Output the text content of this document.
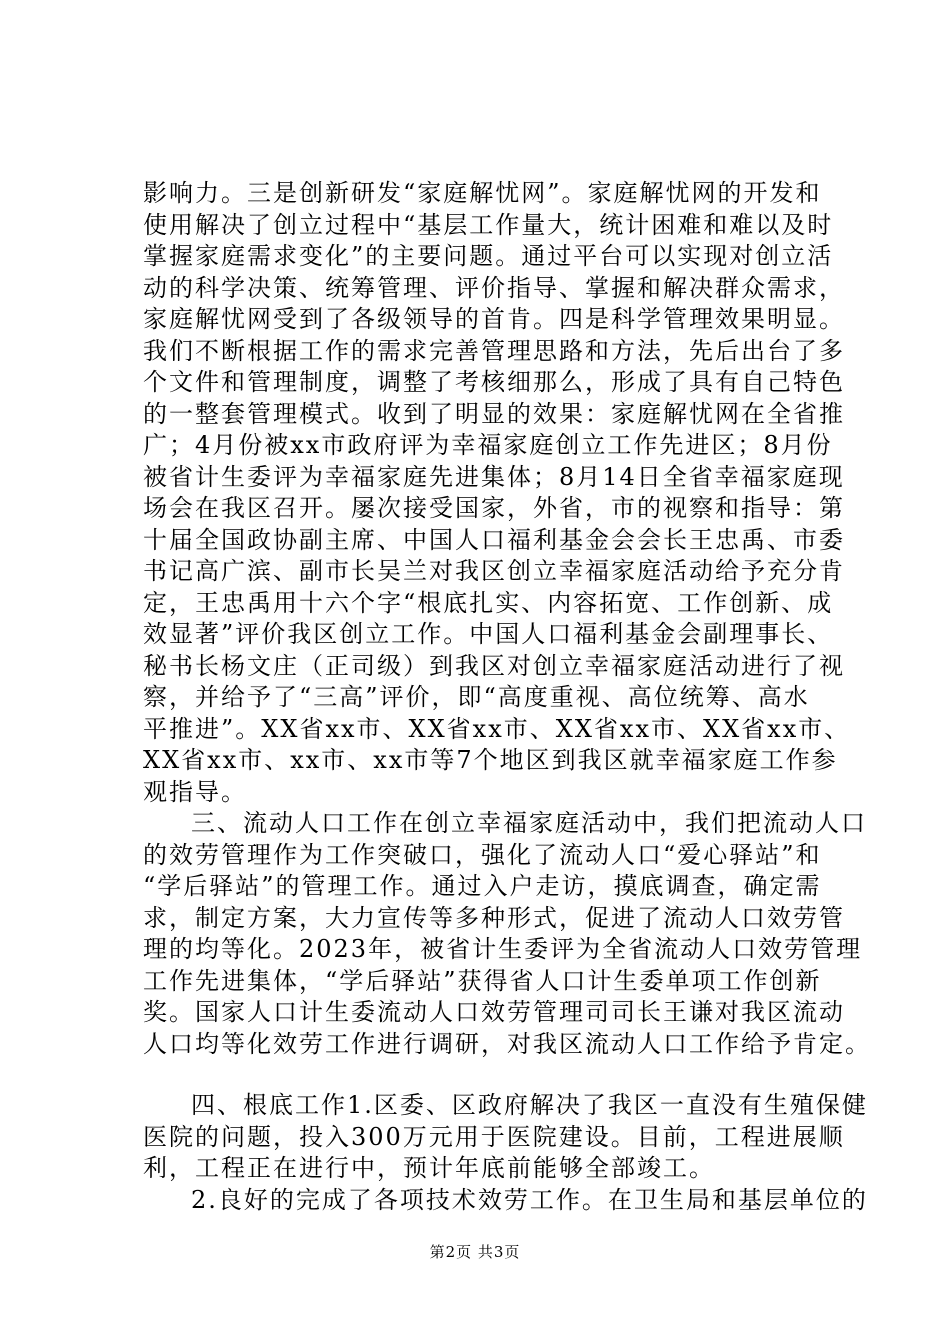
影响力。三是创新研发“家庭解忧网”。家庭解忧网的开发和
使用解决了创立过程中“基层工作量大，统计困难和难以及时
掌握家庭需求变化”的主要问题。通过平台可以实现对创立活
动的科学决策、统筹管理、评价指导、掌握和解决群众需求，
家庭解忧网受到了各级领导的首肯。四是科学管理效果明显。
我们不断根据工作的需求完善管理思路和方法，先后出台了多
个文件和管理制度，调整了考核细那么，形成了具有自己特色
的一整套管理模式。收到了明显的效果：家庭解忧网在全省推
广；4月份被xx市政府评为幸福家庭创立工作先进区；8月份
被省计生委评为幸福家庭先进集体；8月14日全省幸福家庭现
场会在我区召开。屡次接受国家，外省，市的视察和指导：第
十届全国政协副主席、中国人口福利基金会会长王忠禹、市委
书记高广滨、副市长吴兰对我区创立幸福家庭活动给予充分肯
定，王忠禹用十六个字“根底扎实、内容拓宽、工作创新、成
效显著”评价我区创立工作。中国人口福利基金会副理事长、
秘书长杨文庄（正司级）到我区对创立幸福家庭活动进行了视
察，并给予了“三高”评价，即“高度重视、高位统筹、高水
平推进”。XX省xx市、XX省xx市、XX省xx市、XX省xx市、
XX省xx市、xx市、xx市等7个地区到我区就幸福家庭工作参
观指导。
三、流动人口工作在创立幸福家庭活动中，我们把流动人口
的效劳管理作为工作突破口，强化了流动人口“爱心驿站”和
“学后驿站”的管理工作。通过入户走访，摸底调查，确定需
求，制定方案，大力宣传等多种形式，促进了流动人口效劳管
理的均等化。2023年，被省计生委评为全省流动人口效劳管理
工作先进集体，“学后驿站”获得省人口计生委单项工作创新
奖。国家人口计生委流动人口效劳管理司司长王谦对我区流动
人口均等化效劳工作进行调研，对我区流动人口工作给予肯定。
四、根底工作1.区委、区政府解决了我区一直没有生殖保健
医院的问题，投入300万元用于医院建设。目前，工程进展顺
利，工程正在进行中，预计年底前能够全部竣工。
2.良好的完成了各项技术效劳工作。在卫生局和基层单位的
第2页 共3页
